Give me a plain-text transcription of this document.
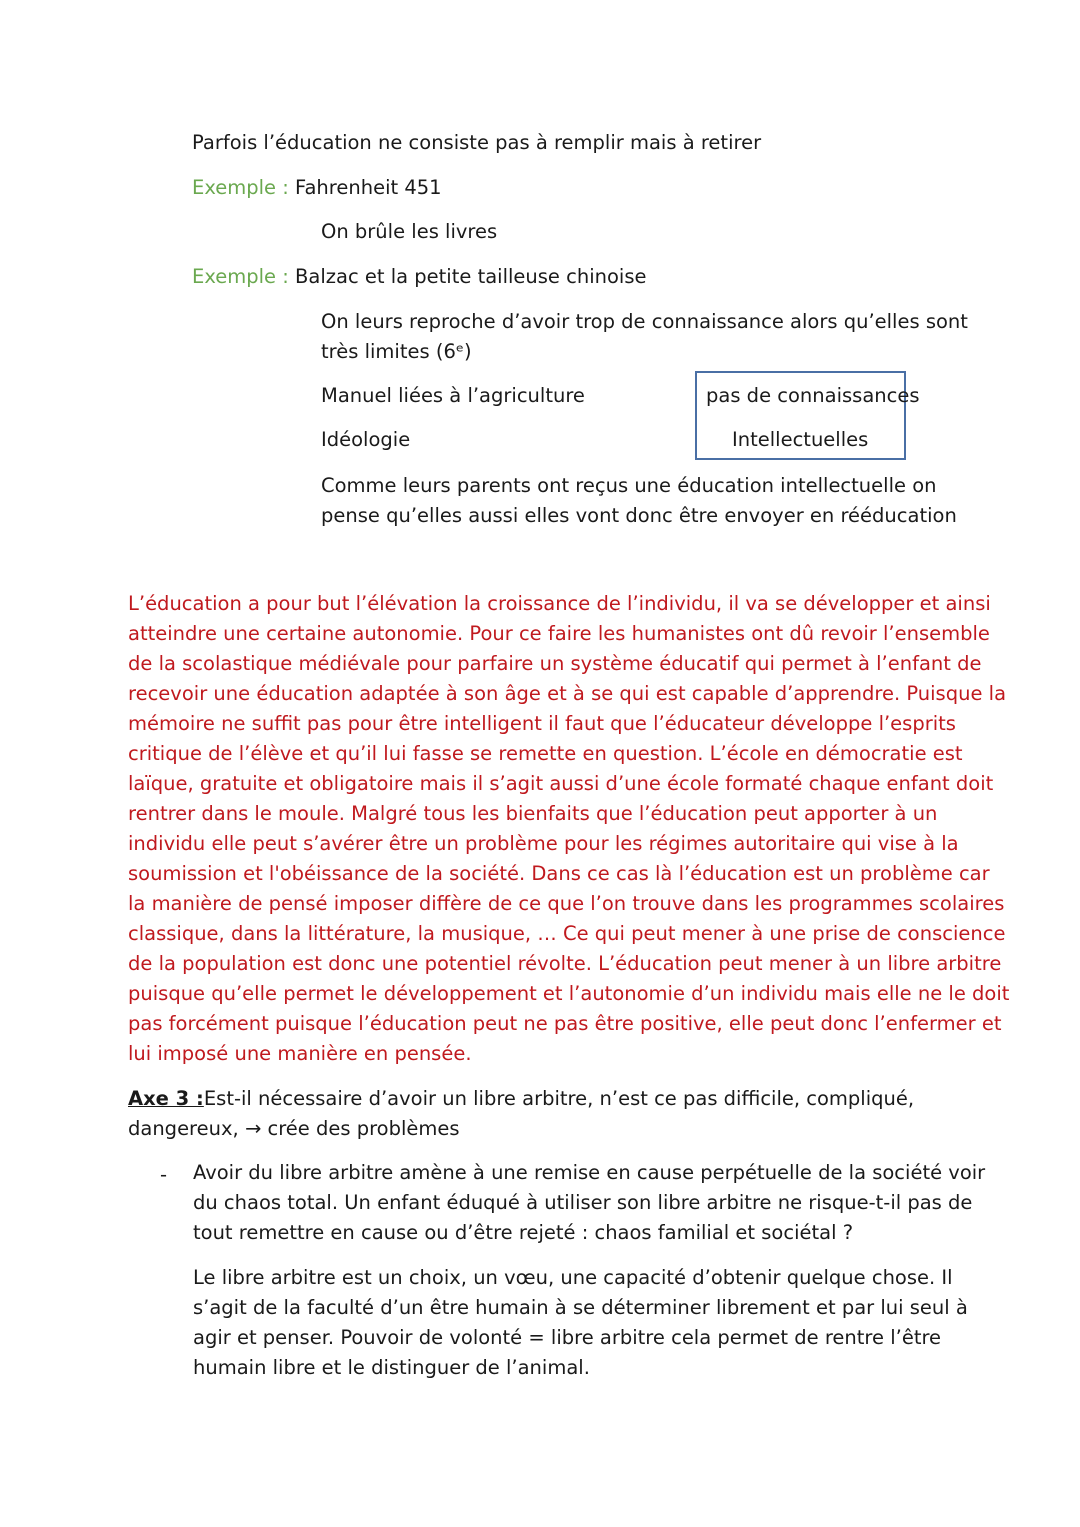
Parfois l’éducation ne consiste pas à remplir mais à retirer
Exemple : Fahrenheit 451
On brûle les livres
Exemple : Balzac et la petite tailleuse chinoise
On leurs reproche d’avoir trop de connaissance alors qu’elles sont
très limites (6ᵉ)
Manuel liées à l’agriculture
Idéologie
pas de connaissances
Intellectuelles
Comme leurs parents ont reçus une éducation intellectuelle on
pense qu’elles aussi elles vont donc être envoyer en rééducation
L’éducation a pour but l’élévation la croissance de l’individu, il va se développer et ainsi
atteindre une certaine autonomie. Pour ce faire les humanistes ont dû revoir l’ensemble
de la scolastique médiévale pour parfaire un système éducatif qui permet à l’enfant de
recevoir une éducation adaptée à son âge et à se qui est capable d’apprendre. Puisque la
mémoire ne suffit pas pour être intelligent il faut que l’éducateur développe l’esprits
critique de l’élève et qu’il lui fasse se remette en question. L’école en démocratie est
laïque, gratuite et obligatoire mais il s’agit aussi d’une école formaté chaque enfant doit
rentrer dans le moule. Malgré tous les bienfaits que l’éducation peut apporter à un
individu elle peut s’avérer être un problème pour les régimes autoritaire qui vise à la
soumission et l'obéissance de la société. Dans ce cas là l’éducation est un problème car
la manière de pensé imposer diffère de ce que l’on trouve dans les programmes scolaires
classique, dans la littérature, la musique, … Ce qui peut mener à une prise de conscience
de la population est donc une potentiel révolte. L’éducation peut mener à un libre arbitre
puisque qu’elle permet le développement et l’autonomie d’un individu mais elle ne le doit
pas forcément puisque l’éducation peut ne pas être positive, elle peut donc l’enfermer et
lui imposé une manière en pensée.
Axe 3 :Est-il nécessaire d’avoir un libre arbitre, n’est ce pas difficile, compliqué,
dangereux, → crée des problèmes
- Avoir du libre arbitre amène à une remise en cause perpétuelle de la société voir
du chaos total. Un enfant éduqué à utiliser son libre arbitre ne risque-t-il pas de
tout remettre en cause ou d’être rejeté : chaos familial et sociétal ?
Le libre arbitre est un choix, un vœu, une capacité d’obtenir quelque chose. Il
s’agit de la faculté d’un être humain à se déterminer librement et par lui seul à
agir et penser. Pouvoir de volonté = libre arbitre cela permet de rentre l’être
humain libre et le distinguer de l’animal.
